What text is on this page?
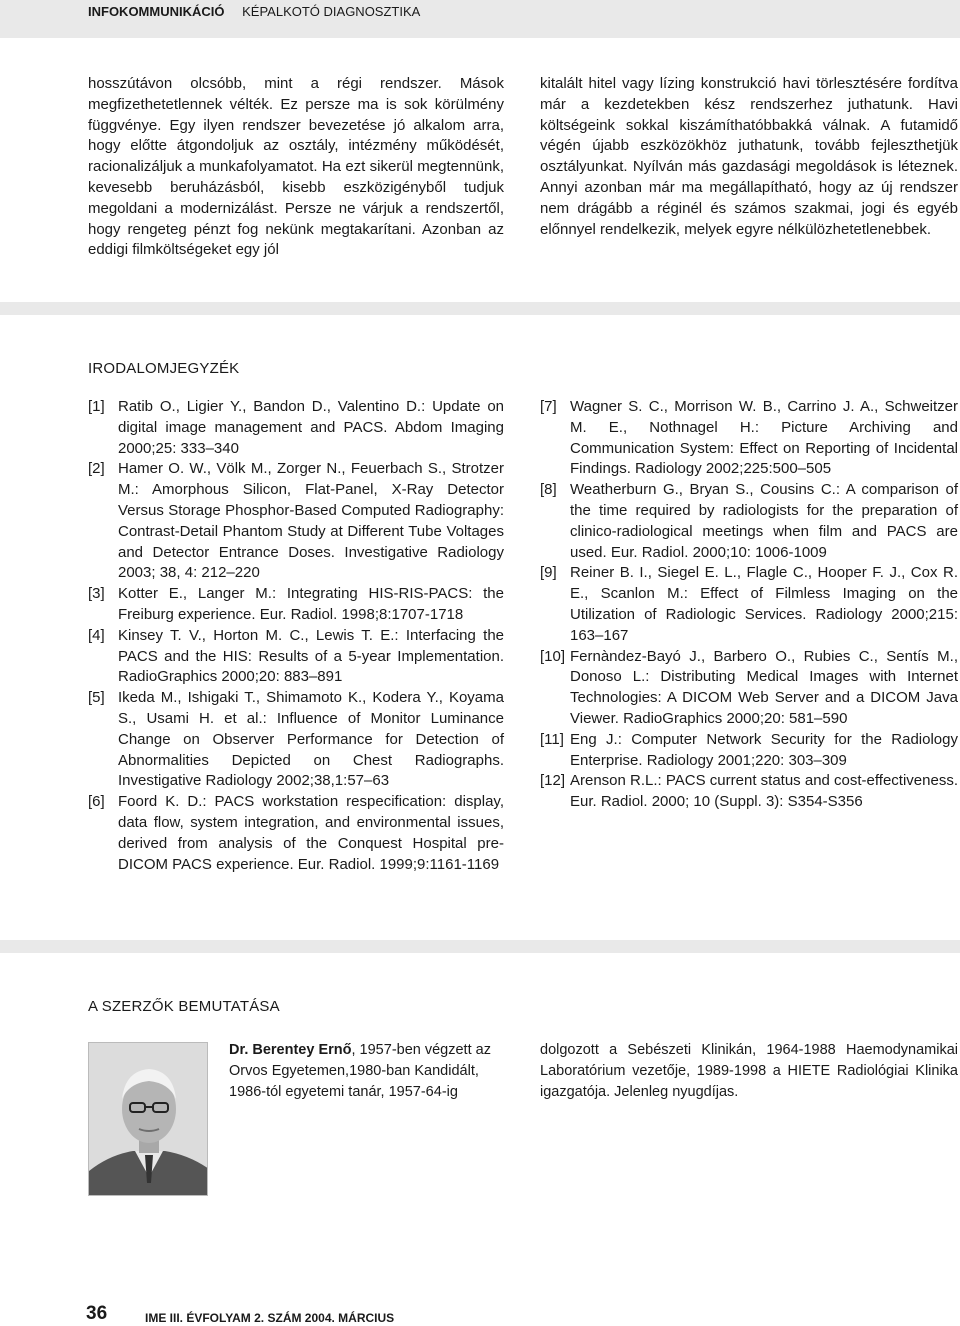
INFOKOMMUNIKÁCIÓ KÉPALKOTÓ DIAGNOSZTIKA
hosszútávon olcsóbb, mint a régi rendszer. Mások megfizethetetlennek vélték. Ez persze ma is sok körülmény függvénye. Egy ilyen rendszer bevezetése jó alkalom arra, hogy előtte átgondoljuk az osztály, intézmény működését, racionalizáljuk a munkafolyamatot. Ha ezt sikerül megtennünk, kevesebb beruházásból, kisebb eszközigényből tudjuk megoldani a modernizálást. Persze ne várjuk a rendszertől, hogy rengeteg pénzt fog nekünk megtakarítani. Azonban az eddigi filmköltségeket egy jól
kitalált hitel vagy lízing konstrukció havi törlesztésére fordítva már a kezdetekben kész rendszerhez juthatunk. Havi költségeink sokkal kiszámíthatóbbakká válnak. A futamidő végén újabb eszközökhöz juthatunk, tovább fejleszthetjük osztályunkat. Nyílván más gazdasági megoldások is léteznek. Annyi azonban már ma megállapítható, hogy az új rendszer nem drágább a réginél és számos szakmai, jogi és egyéb előnnyel rendelkezik, melyek egyre nélkülözhetetlenebbek.
IRODALOMJEGYZÉK
[1] Ratib O., Ligier Y., Bandon D., Valentino D.: Update on digital image management and PACS. Abdom Imaging 2000;25: 333–340
[2] Hamer O. W., Völk M., Zorger N., Feuerbach S., Strotzer M.: Amorphous Silicon, Flat-Panel, X-Ray Detector Versus Storage Phosphor-Based Computed Radiography: Contrast-Detail Phantom Study at Different Tube Voltages and Detector Entrance Doses. Investigative Radiology 2003; 38, 4: 212–220
[3] Kotter E., Langer M.: Integrating HIS-RIS-PACS: the Freiburg experience. Eur. Radiol. 1998;8:1707-1718
[4] Kinsey T. V., Horton M. C., Lewis T. E.: Interfacing the PACS and the HIS: Results of a 5-year Implementation. RadioGraphics 2000;20: 883–891
[5] Ikeda M., Ishigaki T., Shimamoto K., Kodera Y., Koyama S., Usami H. et al.: Influence of Monitor Luminance Change on Observer Performance for Detection of Abnormalities Depicted on Chest Radiographs. Investigative Radiology 2002;38,1:57–63
[6] Foord K. D.: PACS workstation respecification: display, data flow, system integration, and environmental issues, derived from analysis of the Conquest Hospital pre-DICOM PACS experience. Eur. Radiol. 1999;9:1161-1169
[7] Wagner S. C., Morrison W. B., Carrino J. A., Schweitzer M. E., Nothnagel H.: Picture Archiving and Communication System: Effect on Reporting of Incidental Findings. Radiology 2002;225:500–505
[8] Weatherburn G., Bryan S., Cousins C.: A comparison of the time required by radiologists for the preparation of clinico-radiological meetings when film and PACS are used. Eur. Radiol. 2000;10: 1006-1009
[9] Reiner B. I., Siegel E. L., Flagle C., Hooper F. J., Cox R. E., Scanlon M.: Effect of Filmless Imaging on the Utilization of Radiologic Services. Radiology 2000;215: 163–167
[10] Fernàndez-Bayó J., Barbero O., Rubies C., Sentís M., Donoso L.: Distributing Medical Images with Internet Technologies: A DICOM Web Server and a DICOM Java Viewer. RadioGraphics 2000;20: 581–590
[11] Eng J.: Computer Network Security for the Radiology Enterprise. Radiology 2001;220: 303–309
[12] Arenson R.L.: PACS current status and cost-effectiveness. Eur. Radiol. 2000; 10 (Suppl. 3): S354-S356
A SZERZŐK BEMUTATÁSA
Dr. Berentey Ernő, 1957-ben végzett az Orvos Egyetemen,1980-ban Kandidált, 1986-tól egyetemi tanár, 1957-64-ig
dolgozott a Sebészeti Klinikán, 1964-1988 Haemodynamikai Laboratórium vezetője, 1989-1998 a HIETE Radiológiai Klinika igazgatója. Jelenleg nyugdíjas.
36	IME III. ÉVFOLYAM 2. SZÁM 2004. MÁRCIUS
